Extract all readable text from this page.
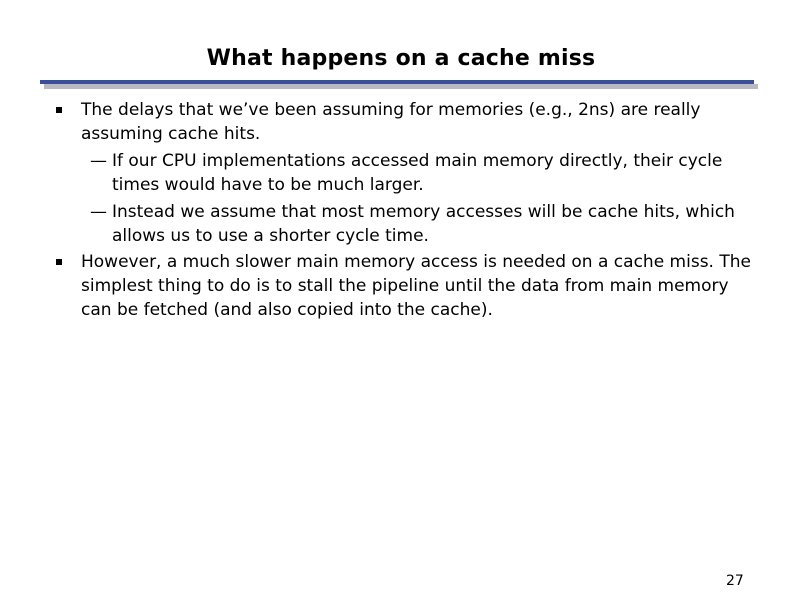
What happens on a cache miss
The delays that we’ve been assuming for memories (e.g., 2ns) are really assuming cache hits.
— If our CPU implementations accessed main memory directly, their cycle times would have to be much larger.
— Instead we assume that most memory accesses will be cache hits, which allows us to use a shorter cycle time.
However, a much slower main memory access is needed on a cache miss. The simplest thing to do is to stall the pipeline until the data from main memory can be fetched (and also copied into the cache).
27
